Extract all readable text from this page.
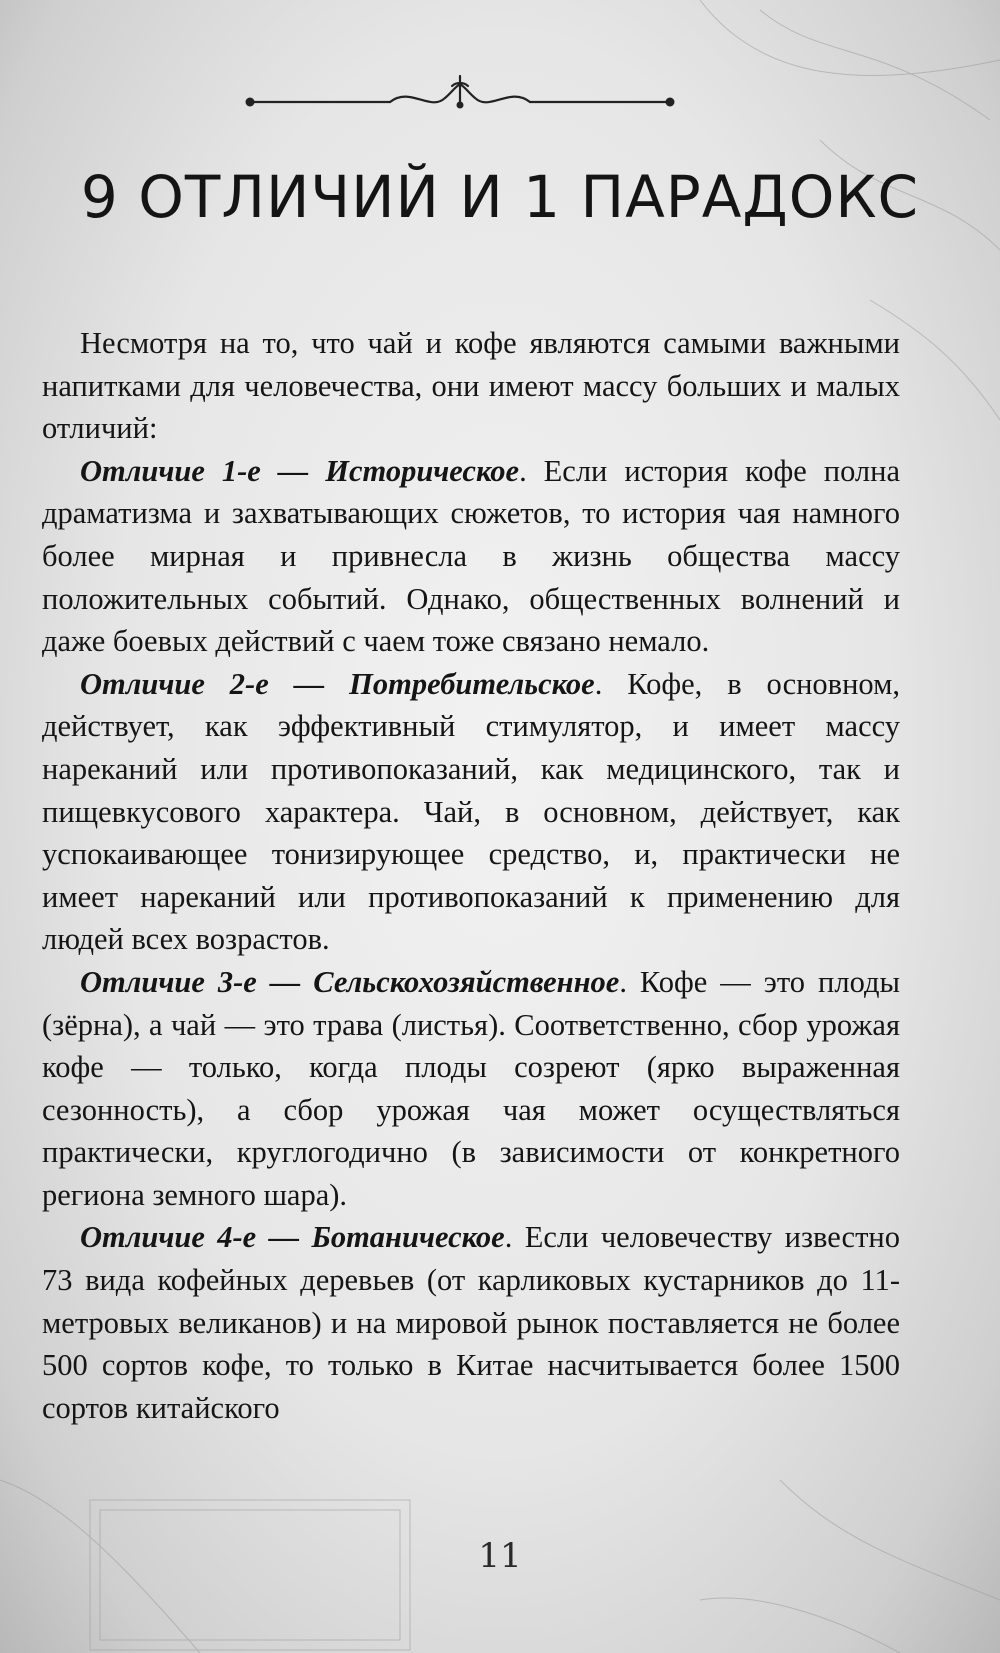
9 ОТЛИЧИЙ И 1 ПАРАДОКС

Несмотря на то, что чай и кофе являются самыми важными напитками для человечества, они имеют массу больших и малых отличий:

Отличие 1-е — Историческое. Если история кофе полна драматизма и захватывающих сюжетов, то история чая намного более мирная и привнесла в жизнь общества массу положительных событий. Однако, общественных волнений и даже боевых действий с чаем тоже связано немало.

Отличие 2-е — Потребительское. Кофе, в основном, действует, как эффективный стимулятор, и имеет массу нареканий или противопоказаний, как медицинского, так и пищевкусового характера. Чай, в основном, действует, как успокаивающее тонизирующее средство, и, практически не имеет нареканий или противопоказаний к применению для людей всех возрастов.

Отличие 3-е — Сельскохозяйственное. Кофе — это плоды (зёрна), а чай — это трава (листья). Соответственно, сбор урожая кофе — только, когда плоды созреют (ярко выраженная сезонность), а сбор урожая чая может осуществляться практически, круглогодично (в зависимости от конкретного региона земного шара).

Отличие 4-е — Ботаническое. Если человечеству известно 73 вида кофейных деревьев (от карликовых кустарников до 11-метровых великанов) и на мировой рынок поставляется не более 500 сортов кофе, то только в Китае насчитывается более 1500 сортов китайского

11
